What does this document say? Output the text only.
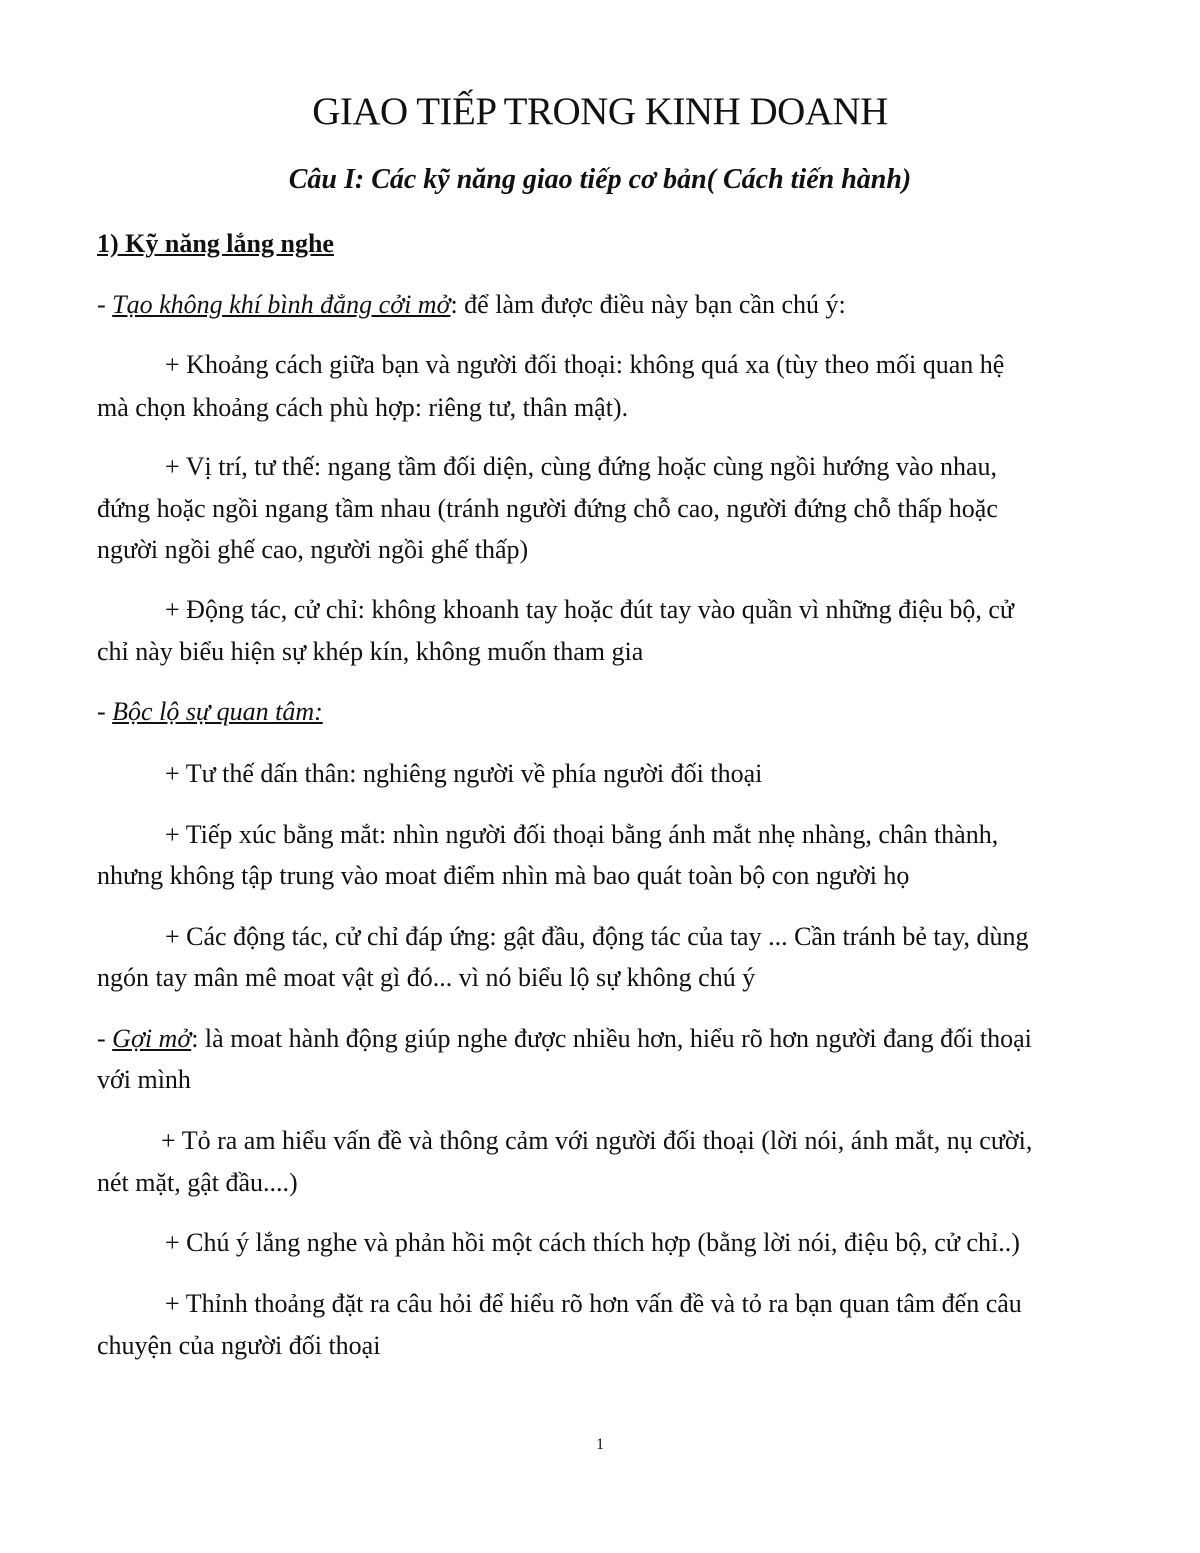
GIAO TIẾP TRONG KINH DOANH
Câu I: Các kỹ năng giao tiếp cơ bản( Cách tiến hành)
1) Kỹ năng lắng nghe
- Tạo không khí bình đẳng cởi mở: để làm được điều này bạn cần chú ý:
+ Khoảng cách giữa bạn và người đối thoại: không quá xa (tùy theo mối quan hệ
mà chọn khoảng cách phù hợp: riêng tư, thân mật).
+ Vị trí, tư thế: ngang tầm đối diện, cùng đứng hoặc cùng ngồi hướng vào nhau,
đứng hoặc ngồi ngang tầm nhau (tránh người đứng chỗ cao, người đứng chỗ thấp hoặc
người ngồi ghế cao, người ngồi ghế thấp)
+ Động tác, cử chỉ: không khoanh tay hoặc đút tay vào quần vì những điệu bộ, cử
chỉ này biểu hiện sự khép kín, không muốn tham gia
- Bộc lộ sự quan tâm:
+ Tư thế dấn thân: nghiêng người về phía người đối thoại
+ Tiếp xúc bằng mắt: nhìn người đối thoại bằng ánh mắt nhẹ nhàng, chân thành,
nhưng không tập trung vào moat điểm nhìn mà bao quát toàn bộ con người họ
+ Các động tác, cử chỉ đáp ứng: gật đầu, động tác của tay ... Cần tránh bẻ tay, dùng
ngón tay mân mê moat vật gì đó... vì nó biểu lộ sự không chú ý
- Gợi mở: là moat hành động giúp nghe được nhiều hơn, hiểu rõ hơn người đang đối thoại
với mình
+ Tỏ ra am hiểu vấn đề và thông cảm với người đối thoại (lời nói, ánh mắt, nụ cười,
nét mặt, gật đầu....)
+ Chú ý lắng nghe và phản hồi một cách thích hợp (bằng lời nói, điệu bộ, cử chỉ..)
+ Thỉnh thoảng đặt ra câu hỏi để hiểu rõ hơn vấn đề và tỏ ra bạn quan tâm đến câu
chuyện của người đối thoại
1
